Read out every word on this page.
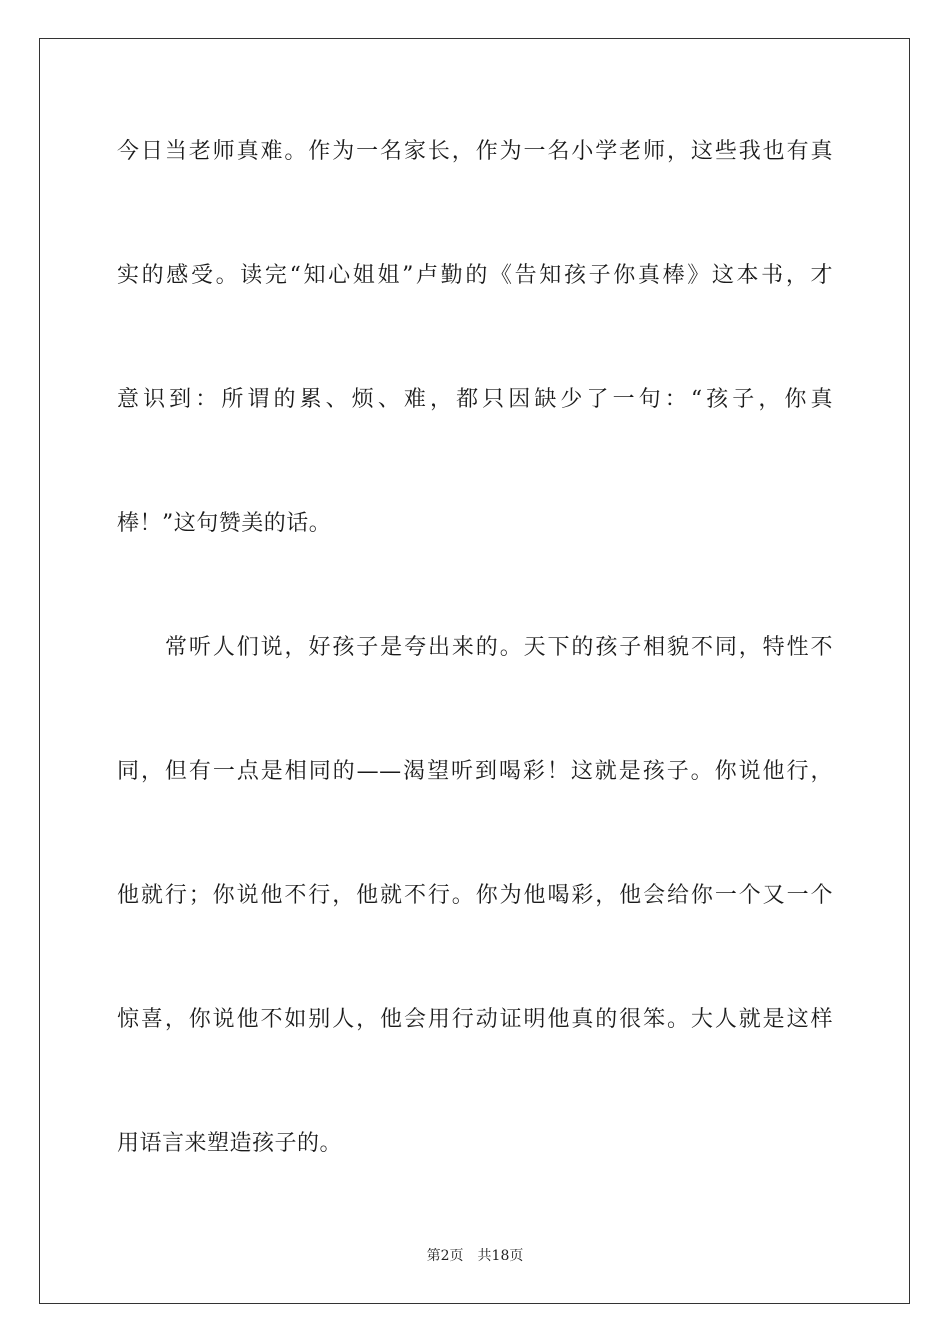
今日当老师真难。作为一名家长，作为一名小学老师，这些我也有真
实的感受。读完“知心姐姐”卢勤的《告知孩子你真棒》这本书，才
意识到：所谓的累、烦、难，都只因缺少了一句：“孩子，你真
棒！”这句赞美的话。
常听人们说，好孩子是夸出来的。天下的孩子相貌不同，特性不
同，但有一点是相同的——渴望听到喝彩！这就是孩子。你说他行，
他就行；你说他不行，他就不行。你为他喝彩，他会给你一个又一个
惊喜，你说他不如别人，他会用行动证明他真的很笨。大人就是这样
用语言来塑造孩子的。
第2页　共18页
